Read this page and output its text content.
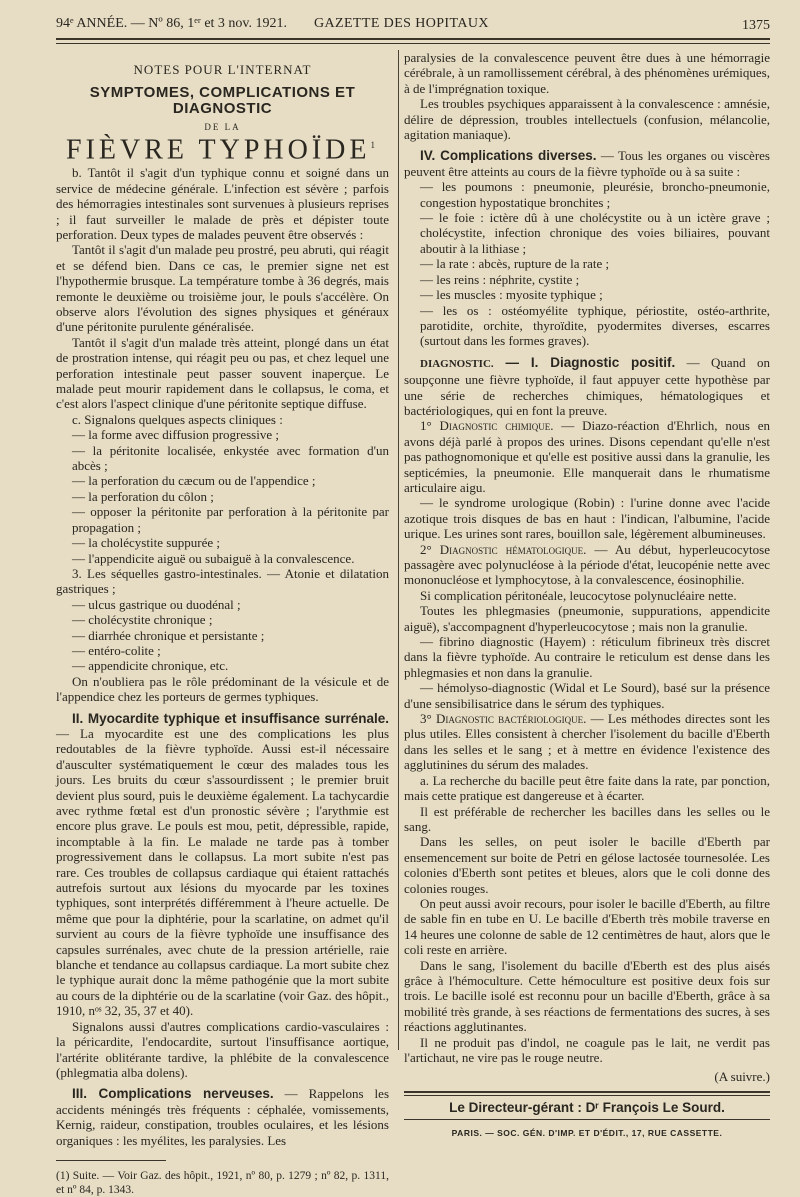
94ᵉ ANNÉE. — Nº 86, 1ᵉʳ et 3 nov. 1921. GAZETTE DES HOPITAUX	1375
NOTES POUR L'INTERNAT
SYMPTOMES, COMPLICATIONS ET DIAGNOSTIC
DE LA
FIÈVRE TYPHOÏDE$^1$

b. Tantôt il s'agit d'un typhique connu et soigné dans un service de médecine générale. L'infection est sévère ; parfois des hémorragies intestinales sont survenues à plusieurs reprises ; il faut surveiller le malade de près et dépister toute perforation. Deux types de malades peuvent être observés :

Tantôt il s'agit d'un malade peu prostré, peu abruti, qui réagit et se défend bien. Dans ce cas, le premier signe net est l'hypothermie brusque. La température tombe à 36 degrés, mais remonte le deuxième ou troisième jour, le pouls s'accélère. On observe alors l'évolution des signes physiques et généraux d'une péritonite purulente généralisée.

Tantôt il s'agit d'un malade très atteint, plongé dans un état de prostration intense, qui réagit peu ou pas, et chez lequel une perforation intestinale peut passer souvent inaperçue. Le malade peut mourir rapidement dans le collapsus, le coma, et c'est alors l'aspect clinique d'une péritonite septique diffuse.

c. Signalons quelques aspects cliniques :

— la forme avec diffusion progressive ;

— la péritonite localisée, enkystée avec formation d'un abcès ;

— la perforation du cæcum ou de l'appendice ;

— la perforation du côlon ;

— opposer la péritonite par perforation à la péritonite par propagation ;

— la cholécystite suppurée ;

— l'appendicite aiguë ou subaiguë à la convalescence.

3. Les séquelles gastro-intestinales. — Atonie et dilatation gastriques ;

— ulcus gastrique ou duodénal ;

— cholécystite chronique ;

— diarrhée chronique et persistante ;

— entéro-colite ;

— appendicite chronique, etc.

On n'oubliera pas le rôle prédominant de la vésicule et de l'appendice chez les porteurs de germes typhiques.

II. Myocardite typhique et insuffisance surrénale. — La myocardite est une des complications les plus redoutables de la fièvre typhoïde. Aussi est-il nécessaire d'ausculter systématiquement le cœur des malades tous les jours. Les bruits du cœur s'assourdissent ; le premier bruit devient plus sourd, puis le deuxième également. La tachycardie avec rythme fœtal est d'un pronostic sévère ; l'arythmie est encore plus grave. Le pouls est mou, petit, dépressible, rapide, incomptable à la fin. Le malade ne tarde pas à tomber progressivement dans le collapsus. La mort subite n'est pas rare. Ces troubles de collapsus cardiaque qui étaient rattachés autrefois surtout aux lésions du myocarde par les toxines typhiques, sont interprétés différemment à l'heure actuelle. De même que pour la diphtérie, pour la scarlatine, on admet qu'il survient au cours de la fièvre typhoïde une insuffisance des capsules surrénales, avec chute de la pression artérielle, raie blanche et tendance au collapsus cardiaque. La mort subite chez le typhique aurait donc la même pathogénie que la mort subite au cours de la diphtérie ou de la scarlatine (voir Gaz. des hôpit., 1910, nᵒˢ 32, 35, 37 et 40).

Signalons aussi d'autres complications cardio-vasculaires : la péricardite, l'endocardite, surtout l'insuffisance aortique, l'artérite oblitérante tardive, la phlébite de la convalescence (phlegmatia alba dolens).

III. Complications nerveuses. — Rappelons les accidents méningés très fréquents : céphalée, vomissements, Kernig, raideur, constipation, troubles oculaires, et les lésions organiques : les myélites, les paralysies. Les

(1) Suite. — Voir Gaz. des hôpit., 1921, nº 80, p. 1279 ; nº 82, p. 1311, et nº 84, p. 1343.

paralysies de la convalescence peuvent être dues à une hémorragie cérébrale, à un ramollissement cérébral, à des phénomènes urémiques, à de l'imprégnation toxique.

Les troubles psychiques apparaissent à la convalescence : amnésie, délire de dépression, troubles intellectuels (confusion, mélancolie, agitation maniaque).

IV. Complications diverses. — Tous les organes ou viscères peuvent être atteints au cours de la fièvre typhoïde ou à sa suite :

— les poumons : pneumonie, pleurésie, broncho-pneumonie, congestion hypostatique bronchites ;

— le foie : ictère dû à une cholécystite ou à un ictère grave ; cholécystite, infection chronique des voies biliaires, pouvant aboutir à la lithiase ;

— la rate : abcès, rupture de la rate ;

— les reins : néphrite, cystite ;

— les muscles : myosite typhique ;

— les os : ostéomyélite typhique, périostite, ostéo-arthrite, parotidite, orchite, thyroïdite, pyodermites diverses, escarres (surtout dans les formes graves).

DIAGNOSTIC. — I. Diagnostic positif. — Quand on soupçonne une fièvre typhoïde, il faut appuyer cette hypothèse par une série de recherches chimiques, hématologiques et bactériologiques, qui en font la preuve.

1° Diagnostic chimique. — Diazo-réaction d'Ehrlich, nous en avons déjà parlé à propos des urines. Disons cependant qu'elle n'est pas pathognomonique et qu'elle est positive aussi dans la granulie, les septicémies, la pneumonie. Elle manquerait dans le rhumatisme articulaire aigu.

— le syndrome urologique (Robin) : l'urine donne avec l'acide azotique trois disques de bas en haut : l'indican, l'albumine, l'acide urique. Les urines sont rares, bouillon sale, légèrement albumineuses.

2° Diagnostic hématologique. — Au début, hyperleucocytose passagère avec polynucléose à la période d'état, leucopénie nette avec mononucléose et lymphocytose, à la convalescence, éosinophilie.

Si complication péritonéale, leucocytose polynucléaire nette.

Toutes les phlegmasies (pneumonie, suppurations, appendicite aiguë), s'accompagnent d'hyperleucocytose ; mais non la granulie.

— fibrino diagnostic (Hayem) : réticulum fibrineux très discret dans la fièvre typhoïde. Au contraire le reticulum est dense dans les phlegmasies et non dans la granulie.

— hémolyso-diagnostic (Widal et Le Sourd), basé sur la présence d'une sensibilisatrice dans le sérum des typhiques.

3° Diagnostic bactériologique. — Les méthodes directes sont les plus utiles. Elles consistent à chercher l'isolement du bacille d'Eberth dans les selles et le sang ; et à mettre en évidence l'existence des agglutinines du sérum des malades.

a. La recherche du bacille peut être faite dans la rate, par ponction, mais cette pratique est dangereuse et à écarter.

Il est préférable de rechercher les bacilles dans les selles ou le sang.

Dans les selles, on peut isoler le bacille d'Eberth par ensemencement sur boite de Petri en gélose lactosée tournesolée. Les colonies d'Eberth sont petites et bleues, alors que le coli donne des colonies rouges.

On peut aussi avoir recours, pour isoler le bacille d'Eberth, au filtre de sable fin en tube en U. Le bacille d'Eberth très mobile traverse en 14 heures une colonne de sable de 12 centimètres de haut, alors que le coli reste en arrière.

Dans le sang, l'isolement du bacille d'Eberth est des plus aisés grâce à l'hémoculture. Cette hémoculture est positive deux fois sur trois. Le bacille isolé est reconnu pour un bacille d'Eberth, grâce à sa mobilité très grande, à ses réactions de fermentations des sucres, à ses réactions agglutinantes.

Il ne produit pas d'indol, ne coagule pas le lait, ne verdit pas l'artichaut, ne vire pas le rouge neutre.

(A suivre.)

Le Directeur-gérant : Dʳ François Le Sourd.

PARIS. — SOC. GÉN. D'IMP. ET D'ÉDIT., 17, RUE CASSETTE.
